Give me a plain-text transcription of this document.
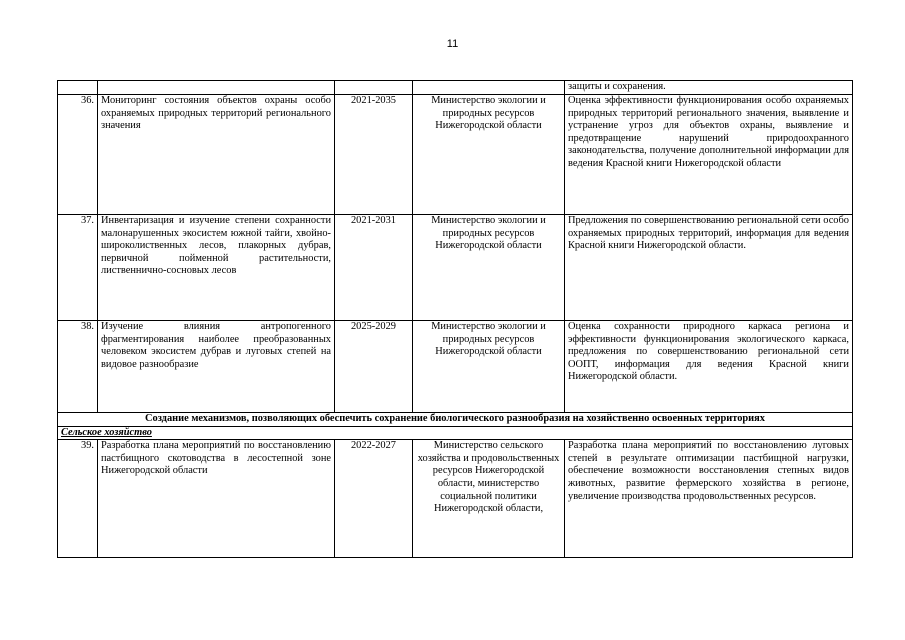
11
				защиты и сохранения.
36.	Мониторинг состояния объектов охраны особо охраняемых природных территорий регионального значения	2021-2035	Министерство экологии и природных ресурсов Нижегородской области	Оценка эффективности функционирования особо охраняемых природных территорий регионального значения, выявление и устранение угроз для объектов охраны, выявление и предотвращение нарушений природоохранного законодательства, получение дополнительной информации для ведения Красной книги Нижегородской области
37.	Инвентаризация и изучение степени сохранности малонарушенных экосистем южной тайги, хвойно-широколиственных лесов, плакорных дубрав, первичной пойменной растительности, лиственнично-сосновых лесов	2021-2031	Министерство экологии и природных ресурсов Нижегородской области	Предложения по совершенствованию региональной сети особо охраняемых природных территорий, информация для ведения Красной книги Нижегородской области.
38.	Изучение влияния антропогенного фрагментирования наиболее преобразованных человеком экосистем дубрав и луговых степей на видовое разнообразие	2025-2029	Министерство экологии и природных ресурсов Нижегородской области	Оценка сохранности природного каркаса региона и эффективности функционирования экологического каркаса, предложения по совершенствованию региональной сети ООПТ, информация для ведения Красной книги Нижегородской области.
Создание механизмов, позволяющих обеспечить сохранение биологического разнообразия на хозяйственно освоенных территориях				
Сельское хозяйство				
39.	Разработка плана мероприятий по восстановлению пастбищного скотоводства в лесостепной зоне Нижегородской области	2022-2027	Министерство сельского хозяйства и продовольственных ресурсов Нижегородской области, министерство социальной политики Нижегородской области,	Разработка плана мероприятий по восстановлению луговых степей в результате оптимизации пастбищной нагрузки, обеспечение возможности восстановления степных видов животных, развитие фермерского хозяйства в регионе, увеличение производства продовольственных ресурсов.
